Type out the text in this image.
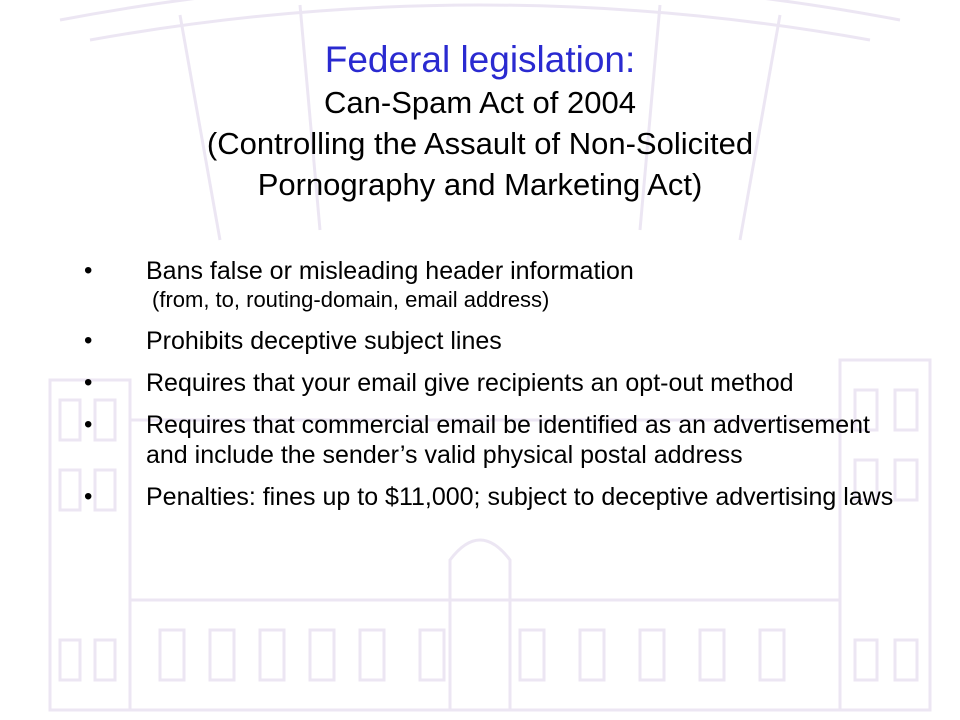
Federal legislation:
Can-Spam Act of 2004
(Controlling the Assault of Non-Solicited
Pornography and Marketing Act)
• Bans false or misleading header information
(from, to, routing-domain, email address)
• Prohibits deceptive subject lines
• Requires that your email give recipients an opt-out method
• Requires that commercial email be identified as an advertisement and include the sender’s valid physical postal address
• Penalties: fines up to $11,000; subject to deceptive advertising laws
